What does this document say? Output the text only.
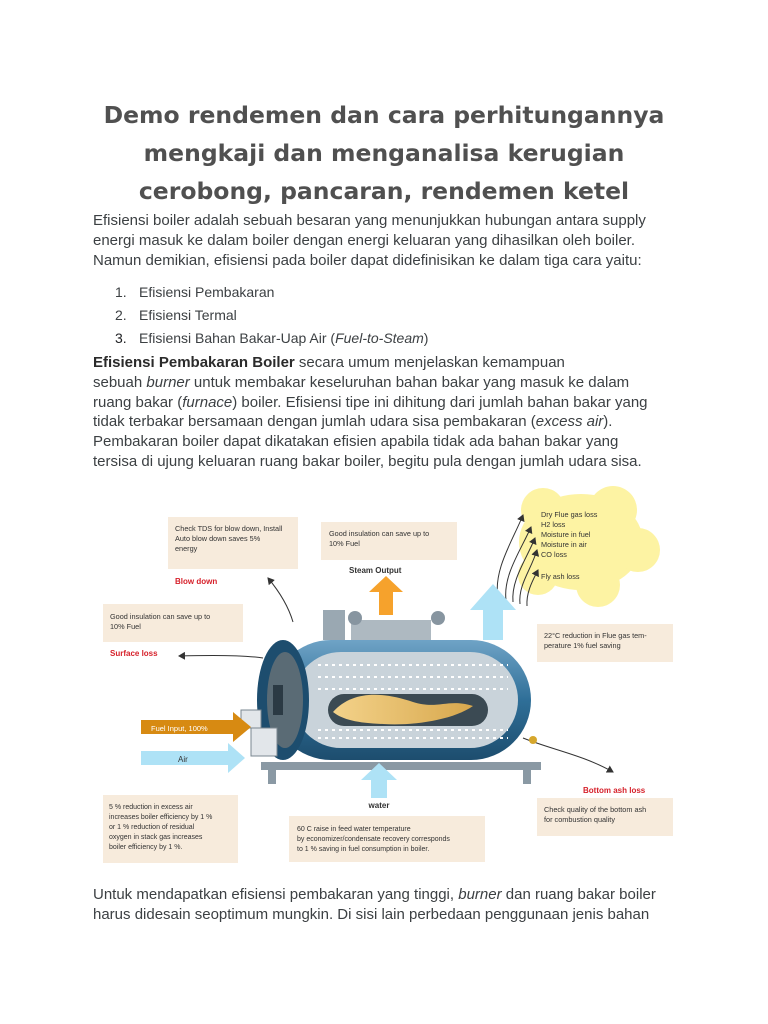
Demo rendemen dan cara perhitungannya
mengkaji dan menganalisa kerugian
cerobong, pancaran, rendemen ketel
Efisiensi boiler adalah sebuah besaran yang menunjukkan hubungan antara supply
energi masuk ke dalam boiler dengan energi keluaran yang dihasilkan oleh boiler.
Namun demikian, efisiensi pada boiler dapat didefinisikan ke dalam tiga cara yaitu:
1. Efisiensi Pembakaran
2. Efisiensi Termal
3. Efisiensi Bahan Bakar-Uap Air (Fuel-to-Steam)
Efisiensi Pembakaran Boiler secara umum menjelaskan kemampuan
sebuah burner untuk membakar keseluruhan bahan bakar yang masuk ke dalam
ruang bakar (furnace) boiler. Efisiensi tipe ini dihitung dari jumlah bahan bakar yang
tidak terbakar bersamaan dengan jumlah udara sisa pembakaran (excess air).
Pembakaran boiler dapat dikatakan efisien apabila tidak ada bahan bakar yang
tersisa di ujung keluaran ruang bakar boiler, begitu pula dengan jumlah udara sisa.
Check TDS for blow down, Install Auto blow down saves 5% energy
Blow down
Good insulation can save up to 10% Fuel
Steam Output
Good insulation can save up to 10% Fuel
Surface loss
22°C reduction in Flue gas tem- perature 1% fuel saving
5 % reduction in excess air increases boiler efficiency by 1 % or 1 % reduction of residual oxygen in stack gas increases boiler efficiency by 1 %.
60 C raise in feed water temperature by economizer/condensate recovery corresponds to 1 % saving in fuel consumption in boiler.
Check quality of the bottom ash for combustion quality
Bottom ash loss
Dry Flue gas loss H2 loss Moisture in fuel Moisture in air CO loss Fly ash loss
Fuel Input, 100%
Air
water
Untuk mendapatkan efisiensi pembakaran yang tinggi, burner dan ruang bakar boiler
harus didesain seoptimum mungkin. Di sisi lain perbedaan penggunaan jenis bahan
